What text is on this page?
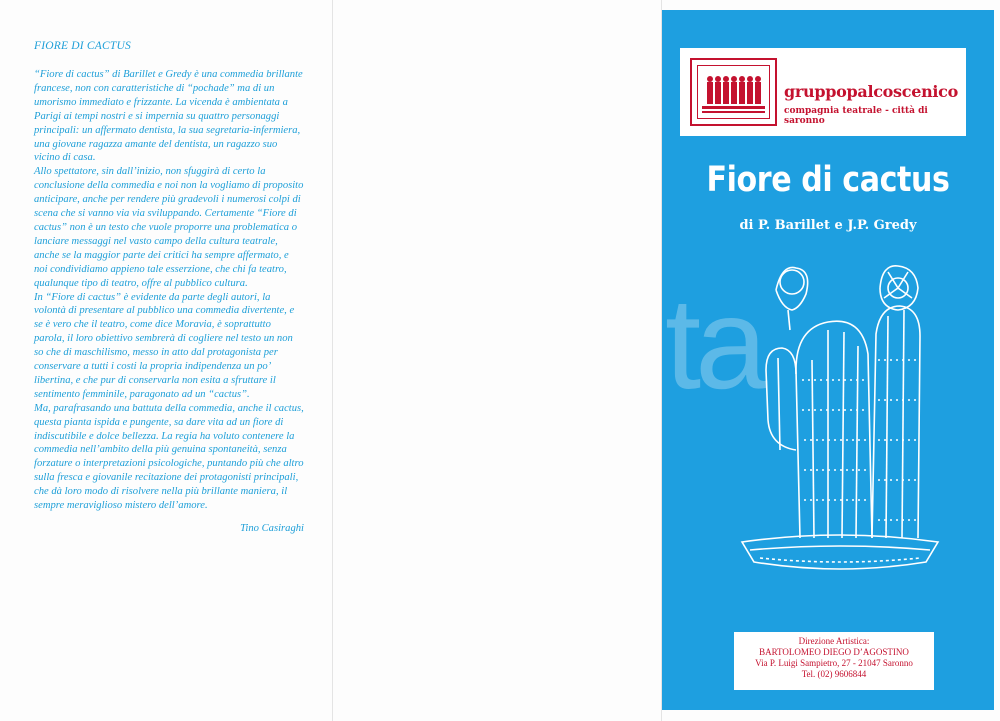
FIORE DI CACTUS

“Fiore di cactus” di Barillet e Gredy è una commedia brillante francese, non con caratteristiche di “pochade” ma di un umorismo immediato e frizzante. La vicenda è ambientata a Parigi ai tempi nostri e si impernia su quattro personaggi principali: un affermato dentista, la sua segretaria-infermiera, una giovane ragazza amante del dentista, un ragazzo suo vicino di casa.

Allo spettatore, sin dall’inizio, non sfuggirà di certo la conclusione della commedia e noi non la vogliamo di proposito anticipare, anche per rendere più gradevoli i numerosi colpi di scena che si vanno via via sviluppando. Certamente “Fiore di cactus” non è un testo che vuole proporre una problematica o lanciare messaggi nel vasto campo della cultura teatrale, anche se la maggior parte dei critici ha sempre affermato, e noi condividiamo appieno tale esserzione, che chi fa teatro, qualunque tipo di teatro, offre al pubblico cultura.

In “Fiore di cactus” è evidente da parte degli autori, la volontà di presentare al pubblico una commedia divertente, e se è vero che il teatro, come dice Moravia, è soprattutto parola, il loro obiettivo sembrerà di cogliere nel testo un non so che di maschilismo, messo in atto dal protagonista per conservare a tutti i costi la propria indipendenza un po’ libertina, e che pur di conservarla non esita a sfruttare il sentimento femminile, paragonato ad un “cactus”.

Ma, parafrasando una battuta della commedia, anche il cactus, questa pianta ispida e pungente, sa dare vita ad un fiore di indiscutibile e dolce bellezza. La regia ha voluto contenere la commedia nell’ambito della più genuina spontaneità, senza forzature o interpretazioni psicologiche, puntando più che altro sulla fresca e giovanile recitazione dei protagonisti principali, che dà loro modo di risolvere nella più brillante maniera, il sempre meraviglioso mistero dell’amore.

Tino Casiraghi
gruppopalcoscenico
compagnia teatrale - città di saronno
Fiore di cactus
di P. Barillet e J.P. Gredy
Direzione Artistica:
BARTOLOMEO DIEGO D’AGOSTINO
Via P. Luigi Sampietro, 27 - 21047 Saronno
Tel. (02) 9606844
ta
